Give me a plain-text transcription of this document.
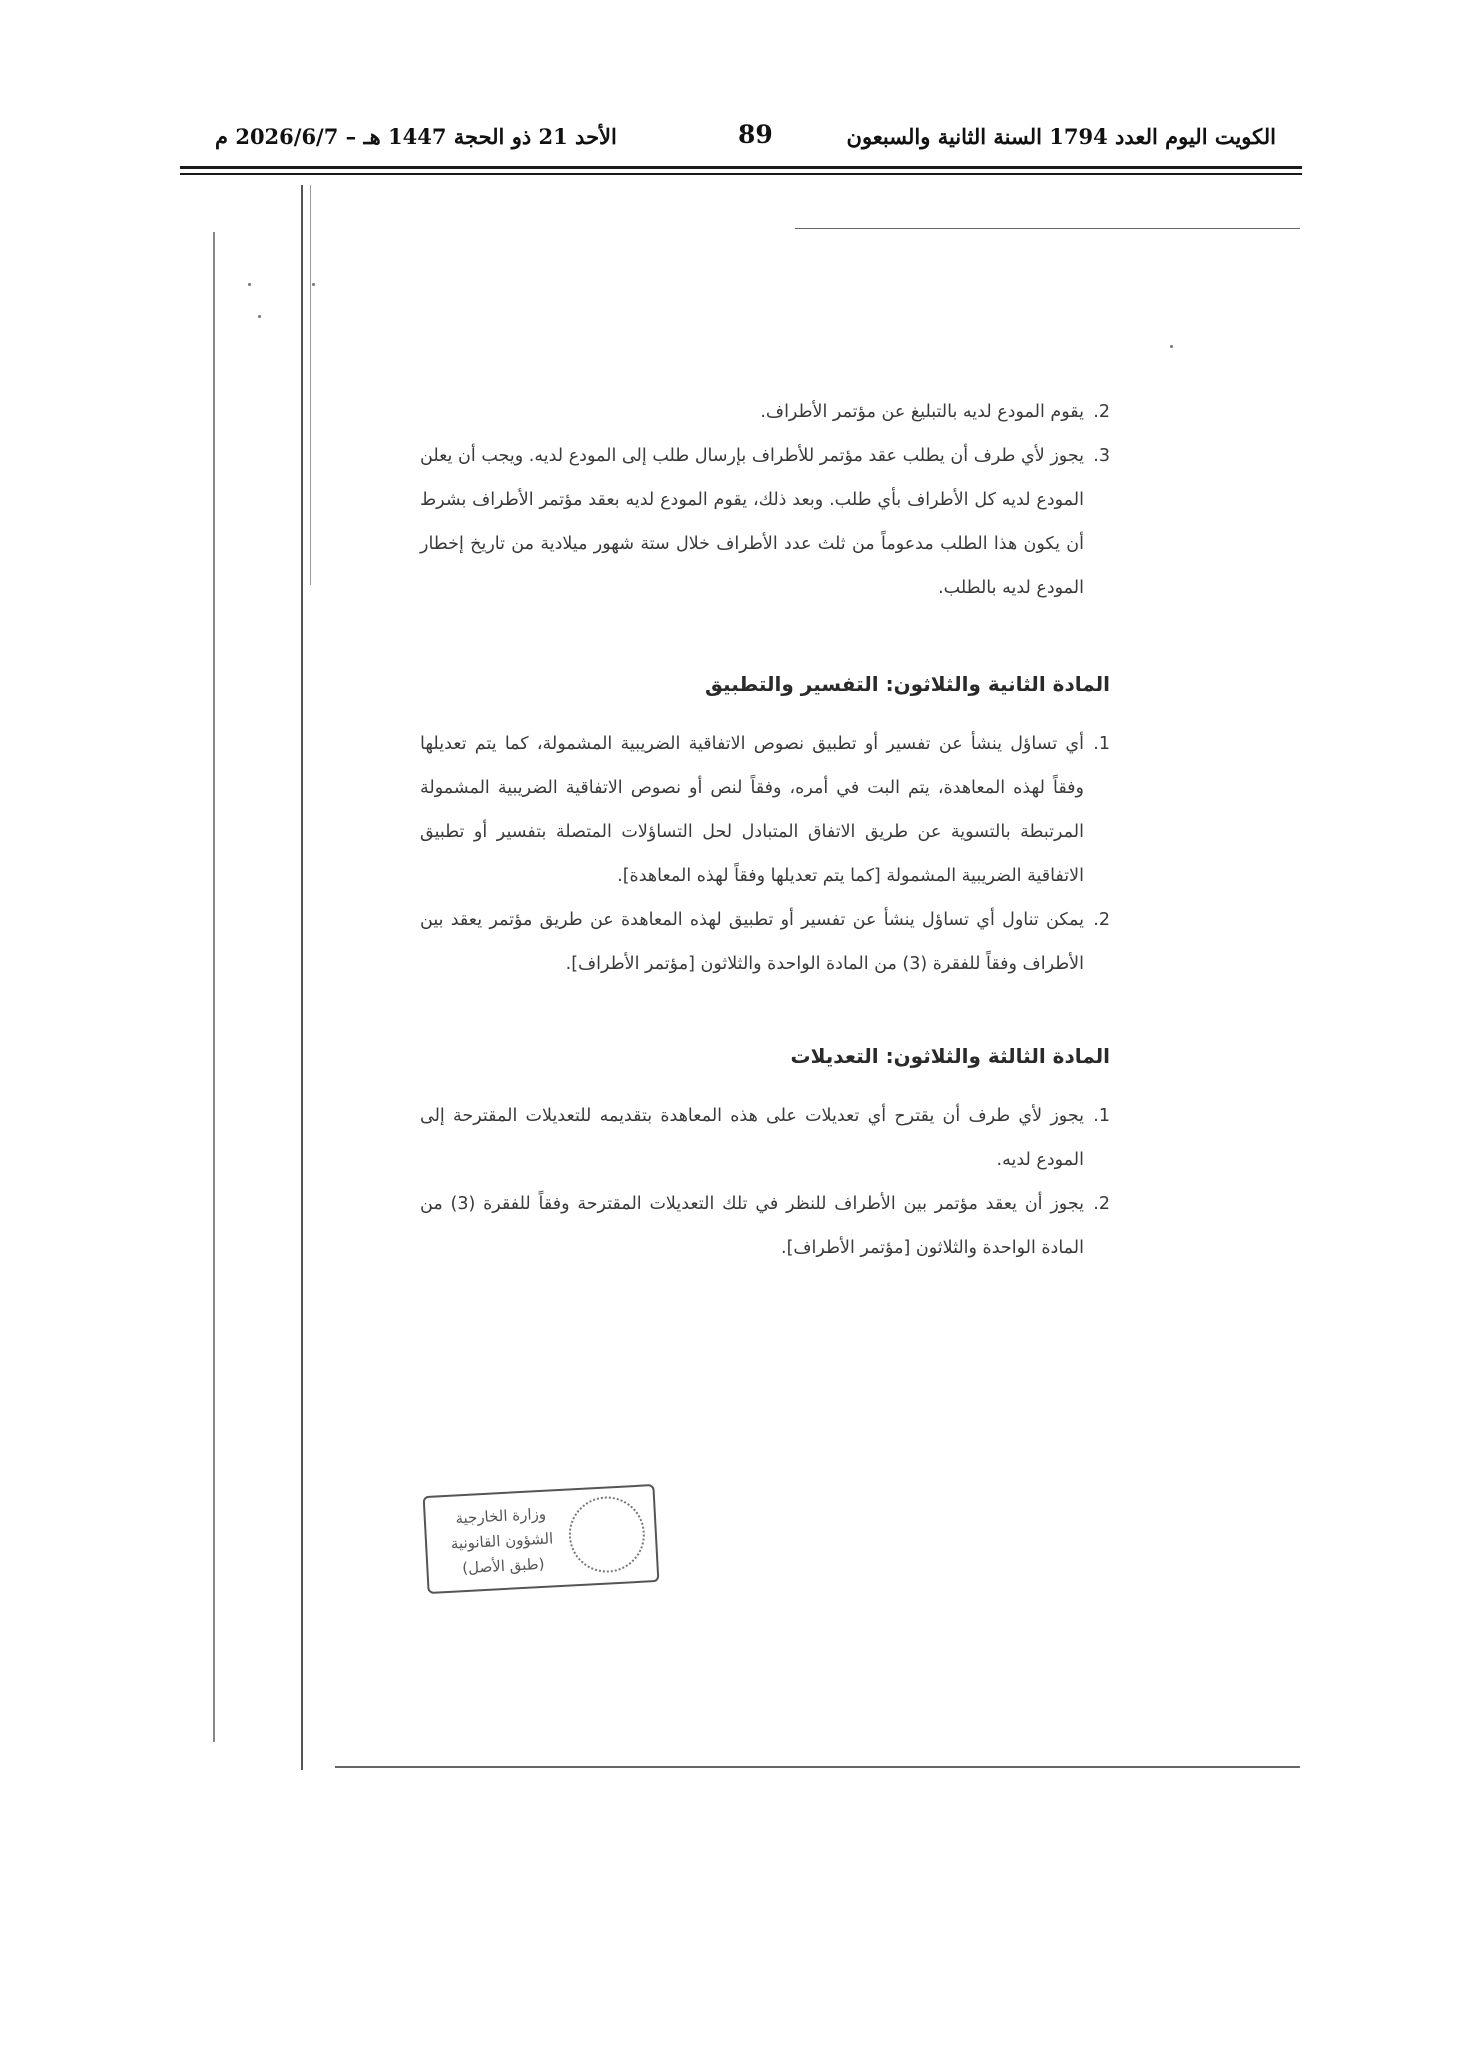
الكويت اليوم العدد 1794 السنة الثانية والسبعون
89
الأحد 21 ذو الحجة 1447 هـ – 2026/6/7 م
2.
يقوم المودع لديه بالتبليغ عن مؤتمر الأطراف.
3.
يجوز لأي طرف أن يطلب عقد مؤتمر للأطراف بإرسال طلب إلى المودع لديه. ويجب أن يعلن المودع لديه كل الأطراف بأي طلب. وبعد ذلك، يقوم المودع لديه بعقد مؤتمر الأطراف بشرط أن يكون هذا الطلب مدعوماً من ثلث عدد الأطراف خلال ستة شهور ميلادية من تاريخ إخطار المودع لديه بالطلب.
المادة الثانية والثلاثون: التفسير والتطبيق
1.
أي تساؤل ينشأ عن تفسير أو تطبيق نصوص الاتفاقية الضريبية المشمولة، كما يتم تعديلها وفقاً لهذه المعاهدة، يتم البت في أمره، وفقاً لنص أو نصوص الاتفاقية الضريبية المشمولة المرتبطة بالتسوية عن طريق الاتفاق المتبادل لحل التساؤلات المتصلة بتفسير أو تطبيق الاتفاقية الضريبية المشمولة [كما يتم تعديلها وفقاً لهذه المعاهدة].
2.
يمكن تناول أي تساؤل ينشأ عن تفسير أو تطبيق لهذه المعاهدة عن طريق مؤتمر يعقد بين الأطراف وفقاً للفقرة (3) من المادة الواحدة والثلاثون [مؤتمر الأطراف].
المادة الثالثة والثلاثون: التعديلات
1.
يجوز لأي طرف أن يقترح أي تعديلات على هذه المعاهدة بتقديمه للتعديلات المقترحة إلى المودع لديه.
2.
يجوز أن يعقد مؤتمر بين الأطراف للنظر في تلك التعديلات المقترحة وفقاً للفقرة (3) من المادة الواحدة والثلاثون [مؤتمر الأطراف].
وزارة الخارجية
الشؤون القانونية
(طبق الأصل)
